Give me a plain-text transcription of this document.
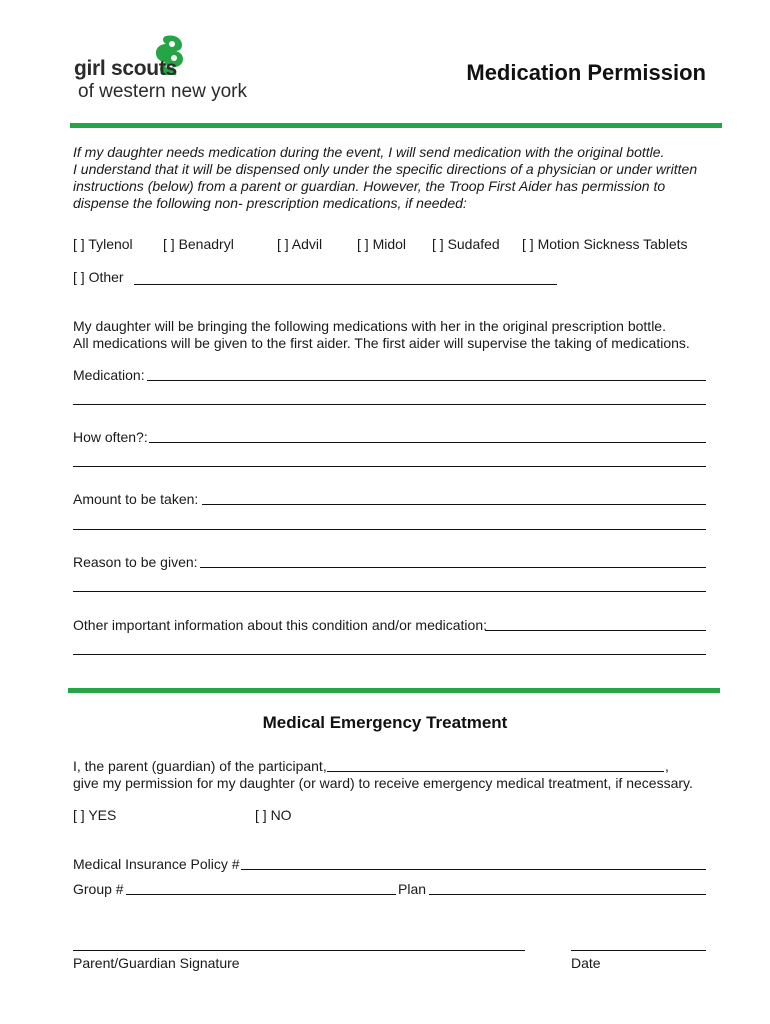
girl scouts
of western new york
Medication Permission
If my daughter needs medication during the event, I will send medication with the original bottle.
I understand that it will be dispensed only under the specific directions of a physician or under written
instructions (below) from a parent or guardian. However, the Troop First Aider has permission to
dispense the following non- prescription medications, if needed:
[ ] Tylenol [ ] Benadryl	[ ] Advil [ ] Midol [ ] Sudafed [ ] Motion Sickness Tablets
[ ] Other
My daughter will be bringing the following medications with her in the original prescription bottle.
All medications will be given to the first aider. The first aider will supervise the taking of medications.
Medication:
How often?:
Amount to be taken:
Reason to be given:
Other important information about this condition and/or medication:
Medical Emergency Treatment
I, the parent (guardian) of the participant,	,
give my permission for my daughter (or ward) to receive emergency medical treatment, if necessary.
[ ] YES	[ ] NO
Medical Insurance Policy #
Group #	Plan
Parent/Guardian Signature	Date
